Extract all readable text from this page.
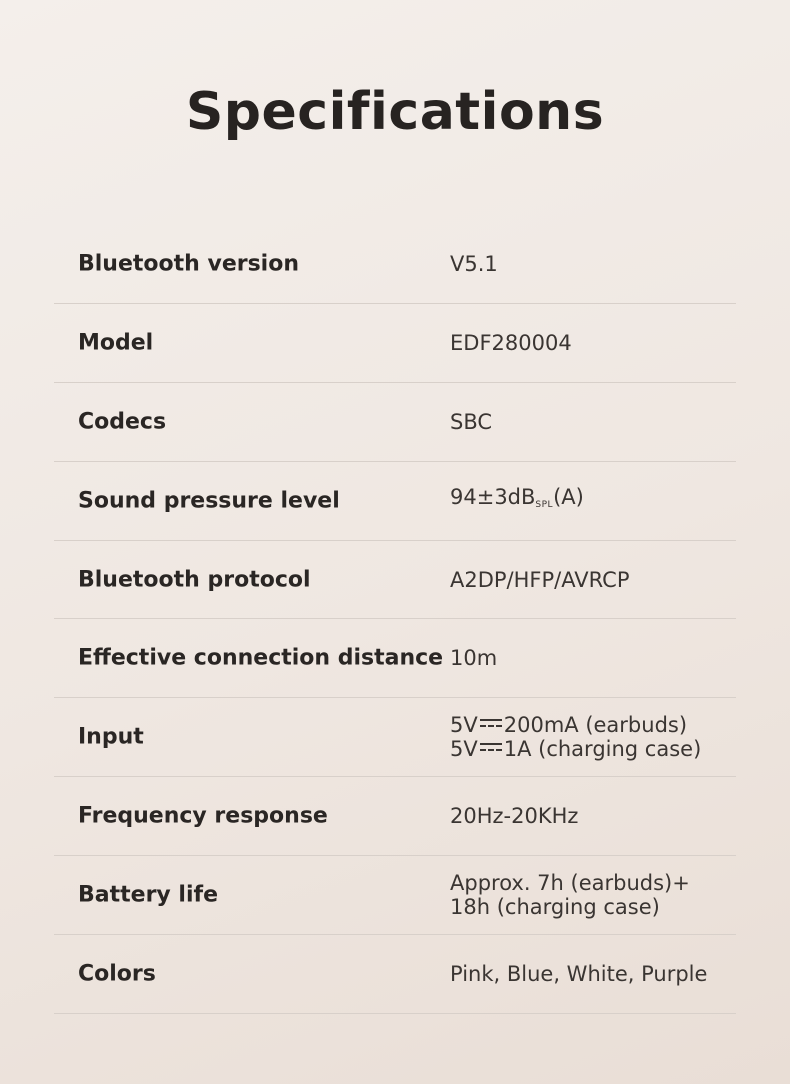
Specifications
Bluetooth version	V5.1
Model	EDF280004
Codecs	SBC
Sound pressure level	$94\pm 3dB_{SPL}(A)$
Bluetooth protocol	A2DP/HFP/AVRCP
Effective connection distance 10m
Input	5V 200mA (earbuds)
5V 1A (charging case)
Frequency response	20Hz-20KHz
Battery life	Approx. 7h (earbuds)+
18h (charging case)
Colors	Pink, Blue, White, Purple
